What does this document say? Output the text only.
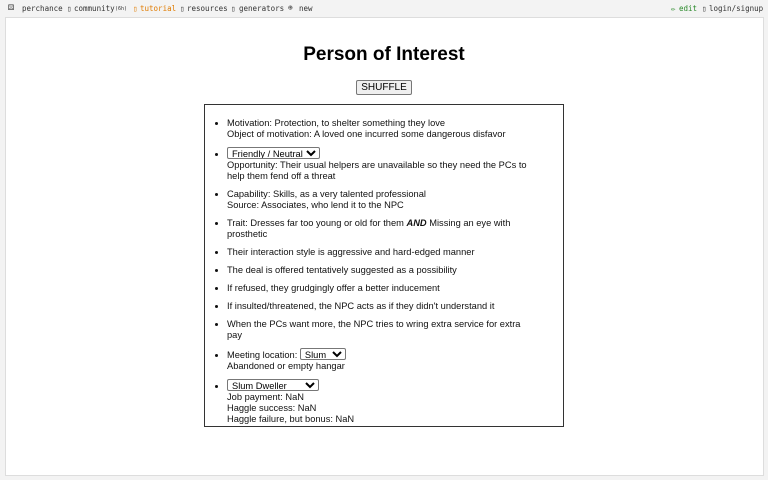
⚄ perchance ▯ community (6h) ▯ tutorial ▯ resources ▯ generators ⊕ new	✏ edit ▯ login/signup
Person of Interest
SHUFFLE
• Motivation: Protection, to shelter something they love
Object of motivation: A loved one incurred some dangerous disfavor
Friendly / Neutral
• Opportunity: Their usual helpers are unavailable so they need the PCs to help them fend off a threat
• Capability: Skills, as a very talented professional
Source: Associates, who lend it to the NPC
• Trait: Dresses far too young or old for them AND Missing an eye with prosthetic
• Their interaction style is aggressive and hard-edged manner
• The deal is offered tentatively suggested as a possibility
• If refused, they grudgingly offer a better inducement
• If insulted/threatened, the NPC acts as if they didn't understand it
• When the PCs want more, the NPC tries to wring extra service for extra pay
• Meeting location:
Slum
Abandoned or empty hangar
Slum Dweller
• Job payment: NaN
Haggle success: NaN
Haggle failure, but bonus: NaN
